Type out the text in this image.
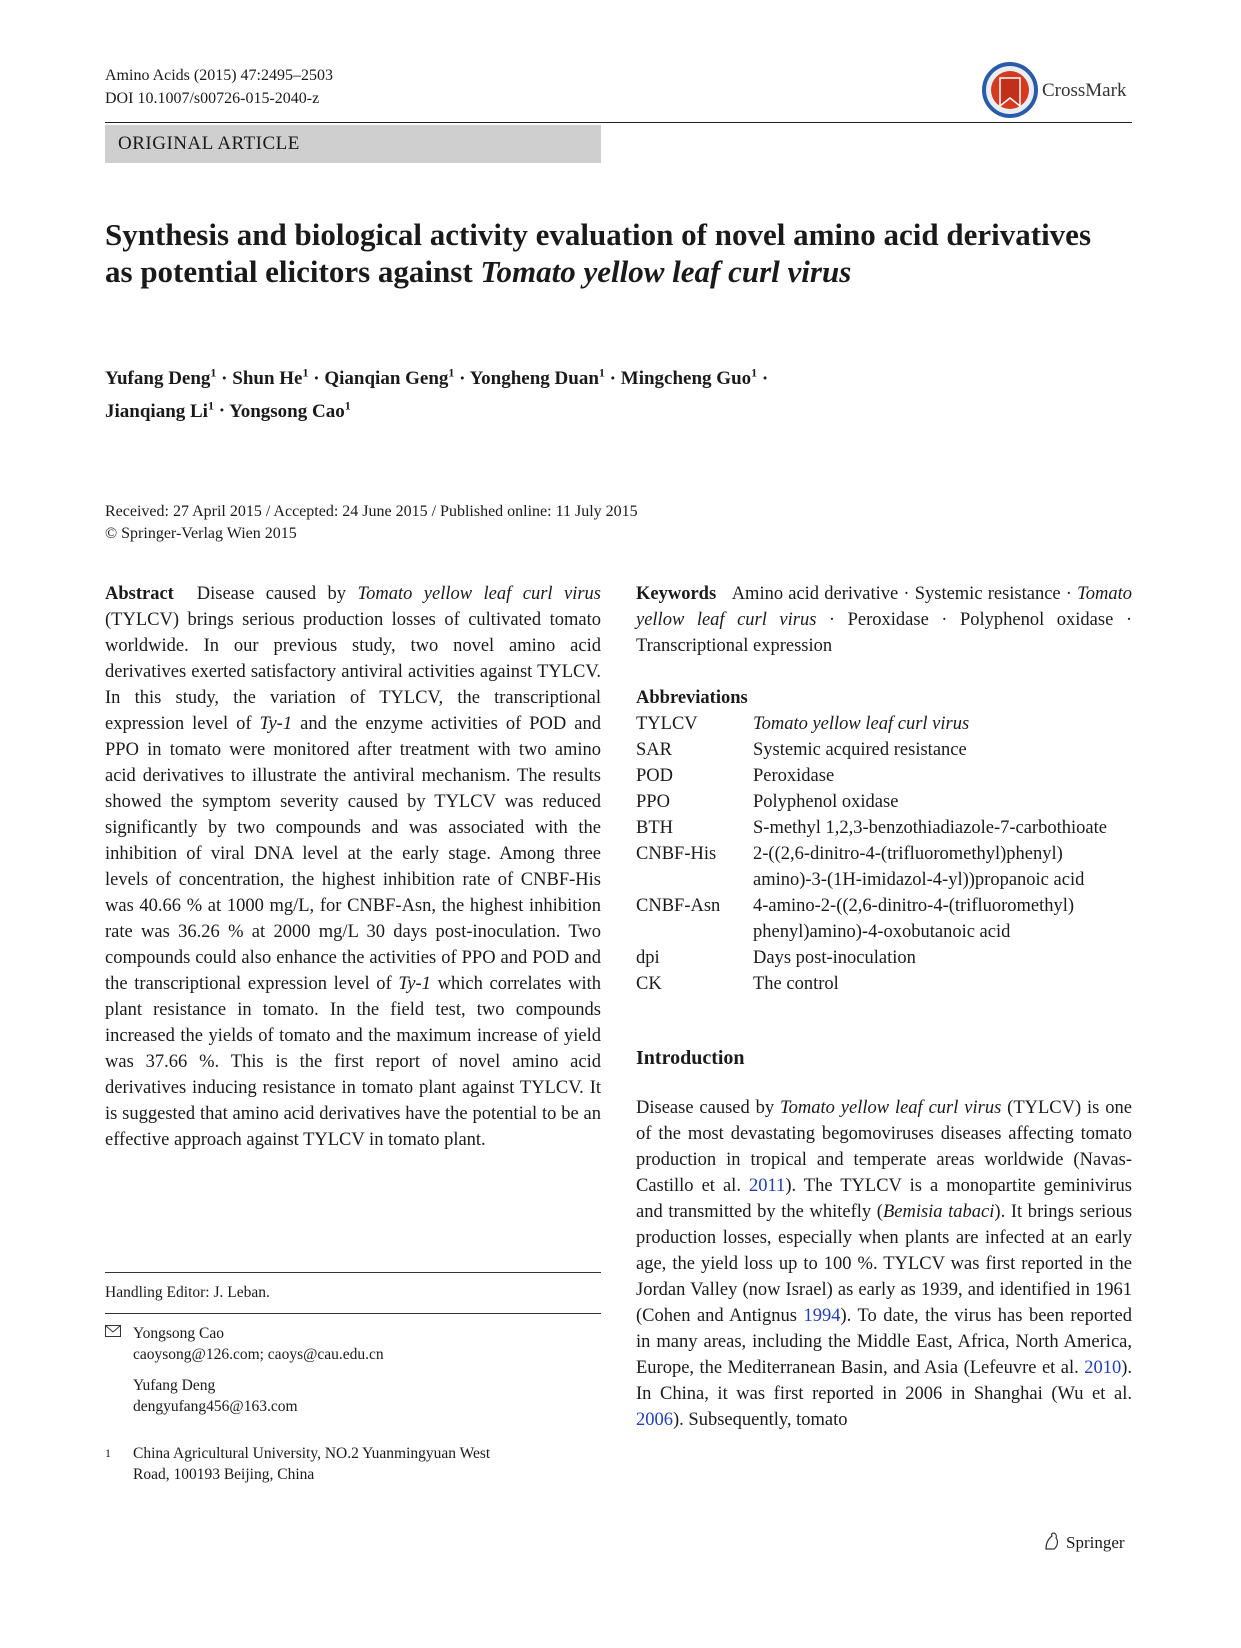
Amino Acids (2015) 47:2495–2503
DOI 10.1007/s00726-015-2040-z	CrossMark
ORIGINAL ARTICLE
Synthesis and biological activity evaluation of novel amino acid derivatives as potential elicitors against Tomato yellow leaf curl virus
Yufang Deng$^1$ · Shun $He^1$ · Qianqian Geng$^1$ · Yongheng Duan$^1$ · Mingcheng Guo$^1$ ·
Jianqiang $Li^1$ · Yongsong Cao$^1$
Received: 27 April 2015 / Accepted: 24 June 2015 / Published online: 11 July 2015
© Springer-Verlag Wien 2015

Abstract Disease caused by Tomato yellow leaf curl virus (TYLCV) brings serious production losses of cultivated tomato worldwide. In our previous study, two novel amino acid derivatives exerted satisfactory antiviral activities against TYLCV. In this study, the variation of TYLCV, the transcriptional expression level of Ty-1 and the enzyme activities of POD and PPO in tomato were monitored after treatment with two amino acid derivatives to illustrate the antiviral mechanism. The results showed the symptom severity caused by TYLCV was reduced significantly by two compounds and was associated with the inhibition of viral DNA level at the early stage. Among three levels of concentration, the highest inhibition rate of CNBF-His was 40.66 % at 1000 mg/L, for CNBF-Asn, the highest inhibition rate was 36.26 % at 2000 mg/L 30 days post-inoculation. Two compounds could also enhance the activities of PPO and POD and the transcriptional expression level of Ty-1 which correlates with plant resistance in tomato. In the field test, two compounds increased the yields of tomato and the maximum increase of yield was 37.66 %. This is the first report of novel amino acid derivatives inducing resistance in tomato plant against TYLCV. It is suggested that amino acid derivatives have the potential to be an effective approach against TYLCV in tomato plant.

Handling Editor: J. Leban.
Yongsong Cao
caoysong@126.com; caoys@cau.edu.cn
Yufang Deng
dengyufang456@163.com
1	China Agricultural University, NO.2 Yuanmingyuan West
Road, 100193 Beijing, China

Keywords Amino acid derivative · Systemic resistance · Tomato yellow leaf curl virus · Peroxidase · Polyphenol oxidase · Transcriptional expression

Abbreviations
TYLCV	Tomato yellow leaf curl virus
SAR	Systemic acquired resistance
POD	Peroxidase
PPO	Polyphenol oxidase
BTH	S-methyl 1,2,3-benzothiadiazole-7-carbothioate
CNBF-His	2-((2,6-dinitro-4-(trifluoromethyl)phenyl) amino)-3-(1H-imidazol-4-yl))propanoic acid
CNBF-Asn	4-amino-2-((2,6-dinitro-4-(trifluoromethyl) phenyl)amino)-4-oxobutanoic acid
dpi	Days post-inoculation
CK	The control
Introduction

Disease caused by Tomato yellow leaf curl virus (TYLCV) is one of the most devastating begomoviruses diseases affecting tomato production in tropical and temperate areas worldwide (Navas-Castillo et al. 2011). The TYLCV is a monopartite geminivirus and transmitted by the whitefly (Bemisia tabaci). It brings serious production losses, especially when plants are infected at an early age, the yield loss up to 100 %. TYLCV was first reported in the Jordan Valley (now Israel) as early as 1939, and identified in 1961 (Cohen and Antignus 1994). To date, the virus has been reported in many areas, including the Middle East, Africa, North America, Europe, the Mediterranean Basin, and Asia (Lefeuvre et al. 2010). In China, it was first reported in 2006 in Shanghai (Wu et al. 2006). Subsequently, tomato

Springer
